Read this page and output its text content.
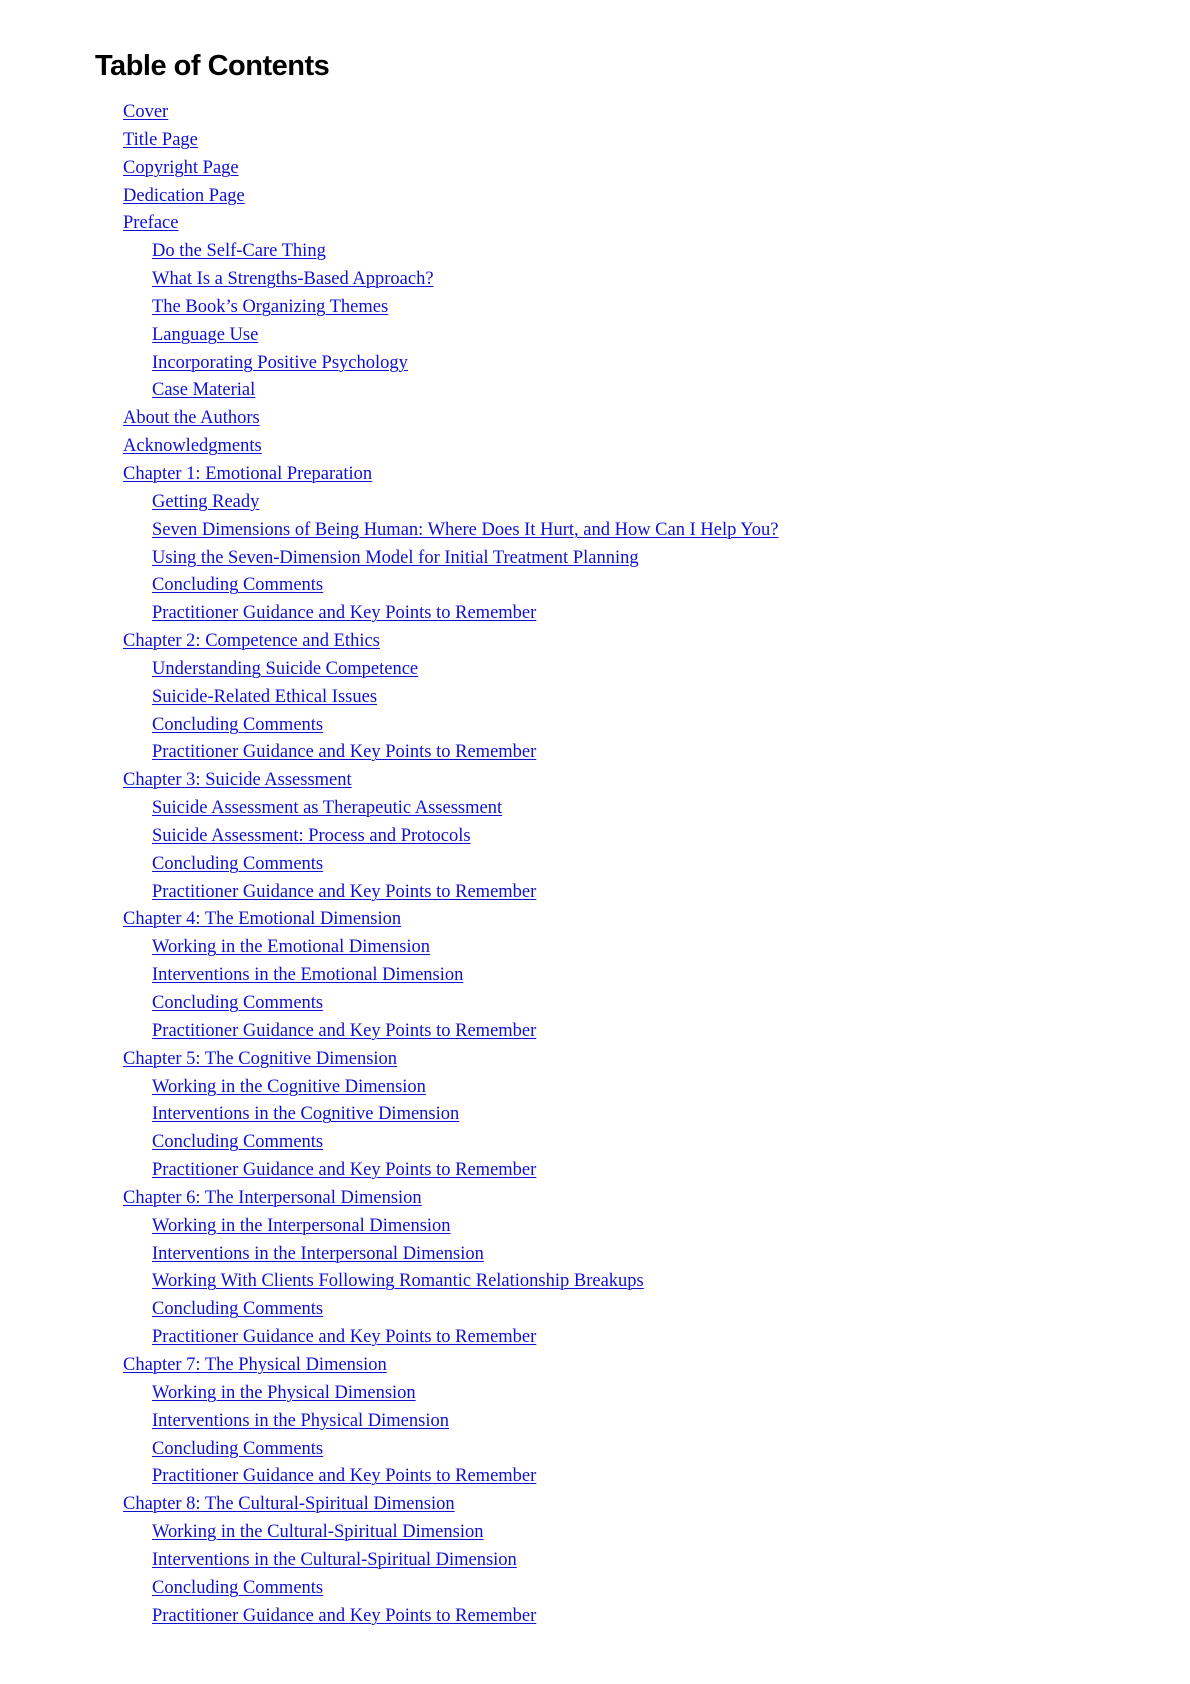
Table of Contents
Cover
Title Page
Copyright Page
Dedication Page
Preface
Do the Self-Care Thing
What Is a Strengths-Based Approach?
The Book’s Organizing Themes
Language Use
Incorporating Positive Psychology
Case Material
About the Authors
Acknowledgments
Chapter 1: Emotional Preparation
Getting Ready
Seven Dimensions of Being Human: Where Does It Hurt, and How Can I Help You?
Using the Seven-Dimension Model for Initial Treatment Planning
Concluding Comments
Practitioner Guidance and Key Points to Remember
Chapter 2: Competence and Ethics
Understanding Suicide Competence
Suicide-Related Ethical Issues
Concluding Comments
Practitioner Guidance and Key Points to Remember
Chapter 3: Suicide Assessment
Suicide Assessment as Therapeutic Assessment
Suicide Assessment: Process and Protocols
Concluding Comments
Practitioner Guidance and Key Points to Remember
Chapter 4: The Emotional Dimension
Working in the Emotional Dimension
Interventions in the Emotional Dimension
Concluding Comments
Practitioner Guidance and Key Points to Remember
Chapter 5: The Cognitive Dimension
Working in the Cognitive Dimension
Interventions in the Cognitive Dimension
Concluding Comments
Practitioner Guidance and Key Points to Remember
Chapter 6: The Interpersonal Dimension
Working in the Interpersonal Dimension
Interventions in the Interpersonal Dimension
Working With Clients Following Romantic Relationship Breakups
Concluding Comments
Practitioner Guidance and Key Points to Remember
Chapter 7: The Physical Dimension
Working in the Physical Dimension
Interventions in the Physical Dimension
Concluding Comments
Practitioner Guidance and Key Points to Remember
Chapter 8: The Cultural-Spiritual Dimension
Working in the Cultural-Spiritual Dimension
Interventions in the Cultural-Spiritual Dimension
Concluding Comments
Practitioner Guidance and Key Points to Remember
